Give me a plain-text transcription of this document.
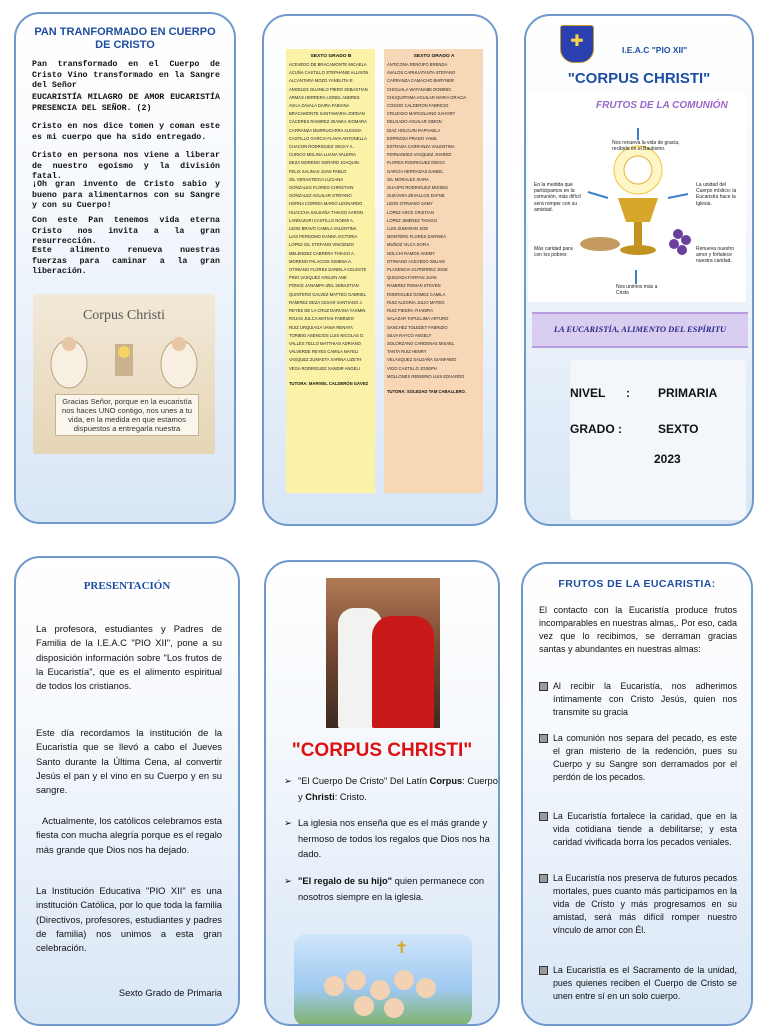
PAN TRANFORMADO EN CUERPO DE CRISTO
Pan transformado en el Cuerpo de Cristo Vino transformado en la Sangre del Señor
EUCARISTÍA MILAGRO DE AMOR EUCARISTÍA PRESENCIA DEL SEÑOR. (2)
Cristo en nos dice tomen y coman este es mi cuerpo que ha sido entregado.
Cristo en persona nos viene a liberar de nuestro egoísmo y la división fatal.
¡Oh gran invento de Cristo sabio y bueno para alimentarnos con su Sangre y con su Cuerpo!
Con este Pan tenemos vida eterna Cristo nos invita a la gran resurrección.
Este alimento renueva nuestras fuerzas para caminar a la gran liberación.
Corpus Christi
Gracias Señor, porque en la eucaristía nos haces UNO contigo, nos unes a tu vida, en la medida en que estamos dispuestos a entregarla nuestra
SEXTO GRADO B
ACEVEDO DE BRACAMONTE MICAELA
ACUÑA CASTILLO STEPHANIE ALLISON
ALCANTARA MOZO YANELITH E.
ANGELES GUANILO PIERO SEBASTIAN
ARMAS HERRERA LIONEL ANDRES
AVILA ZAVALA DAIRA FABIANA
BRACAMONTE SANTAMARIA JORDAN
CÁCERES RAMIREZ JEANKA XIOMARA
CARRANZA MURRUGARRA ALESSIA
CASTILLO GARCIA FLAVIA ANTONELLA
CHACON RODRIGUEZ VECKY A.
CURICO MOLINA LUANA VALERIA
DEZA MORENO GERARD JOAQUIN
FELIX SALINAS JUAN PABLO
GIL VERASTEGUI LUCIANA
GONZALES FLORES CHRISTIAN
GONZALEZ AGUILAR STEFANO
HORNA CORREA MARIO LEONARDO
HUACCHA SALDAÑA THIAGO AARON
LANDAZURI CASTILLO NOEMI A.
LEON BRAVO CAMILA VALENTINA
LIAS PERDOMO DANNA VICTORIA
LOPEZ GIL STEFANO VINCENZO
MELENDEZ CABRERA THIAGO A.
MORENO PALACIOS GIMENA A.
OTINIANO FLORES DANIELA CELESTE
PINO VASQUEZ AYELEN ANE
PONCE JANAMPA IZEL SEBASTIAN
QUINTERO GALVEZ MATTEO GABRIEL
RAMIREZ DEZA CESAR SANTIAGO J.
REYES DE LA CRUZ DARIANA YASMIN
ROJAS JULCA MATIAS FABRIZIO
RUIZ URQUIAGA VANIA RENATA
TORIBIO ASENCIOS LUIS NICOLAS O.
VALLES TELLO MATTHIAS ADRIANO
VALVERDE REYES CAMILA NAYELI
VASQUEZ ZUMAETA XARINA LIZETH
VEGA RODRIGUEZ XANDIR ANGELI
TUTORA: MARIVEL CALDERÓN GÁVEZ
SEXTO GRADO A
ANTICONA RENGIFO BRENDA
AVALOS CARHUATANTA STEFANO
CARRANZA CAMACHO BHRYNER
CHIGUALA WATANABE DOMINIC
CHUQUIPOMA AGUILAR MARIA GRACIA
COSSIO CALDERON FABRICIO
CRUZADO MARCELIANO XAHORY
DELGADO AGUILAR SIMON
DIAZ HOLGUIN RAPHAELA
ESPINOZA PRADO YAMIL
ESTRADA CARRANZA VALENTINA
FERNANDEZ VASQUEZ JHARED
FLORES RODRIGUEZ DIEGO
GARCIA HERRADAS DANIEL
GIL MORALES XIARA
GUAJPO RODRIGUEZ MOISES
GUEVARA ZEVALLOS DAFNE
LEON OTINIANO SAMY
LOPEZ ARCE CRISTIAN
LOPEZ JIMENEZ THIAGO
LUIS ZUMARAN SOE
MONTERO FLORES DARINKA
MUÑOZ VILCA SOFIA
NOLCHI RAMOS AKEMY
OTINIANO ACEVEDO WILIAM
PLASENCIA GUTIERREZ JOSE
QUEZADA FARFAN JUAN
RAMIREZ ROMAN STEVEN
RODRIGUEZ GOMEZ CAMILA
RUIZ ALEGRIA JULIO MATEO
RUIZ PIEDRA YHADIRA
SALAZAR TAPULLIMA ARTURO
SANCHEZ TOLEDET FABRIZIO
SILVA RAYCO ANGELY
SOLORZANO CARDENAS MISAEL
TANTA RUIZ HENRY
VELASQUEZ SALDAÑA GIANFABIO
VIGO CASTILLO JOSEPH
MOLLONES REINERIO LUIS EDUARDO
TUTORA: SOLEDAD TAM CABALLERO.
✚	I.E.A.C "PIO XII"
"CORPUS CHRISTI"
FRUTOS DE LA COMUNIÓN
Nos renueva la vida de gracia, recibida en el Bautismo.
En la medida que participamos en la comunión, más difícil será romper con su amistad.
La unidad del Cuerpo místico: la Eucaristía hace la Iglesia.
Más caridad para con los pobres
Renueva nuestro amor y fortalece nuestra caridad.
Nos unimos más a Cristo
LA EUCARISTÍA, ALIMENTO DEL ESPÍRITU
NIVEL : PRIMARIA
GRADO :	SEXTO
2023
PRESENTACIÓN
La profesora, estudiantes y Padres de Familia de la I.E.A.C "PIO XII", pone a su disposición información sobre "Los frutos de la Eucaristía", que es el alimento espiritual de todos los cristianos.
Este día recordamos la institución de la Eucaristía que se llevó a cabo el Jueves Santo durante la Última Cena, al convertir Jesús el pan y el vino en su Cuerpo y en su sangre.
Actualmente, los católicos celebramos esta fiesta con mucha alegría porque es el regalo más grande que Dios nos ha dejado.
La Institución Educativa "PIO XII" es una institución Católica, por lo que toda la familia (Directivos, profesores, estudiantes y padres de familia) nos unimos a esta gran celebración.
Sexto Grado de Primaria
"CORPUS CHRISTI"
➢ "El Cuerpo De Cristo" Del Latín Corpus: Cuerpo y Christi: Cristo.
➢ La iglesia nos enseña que es el más grande y hermoso de todos los regalos que Dios nos ha dado.
➢ "El regalo de su hijo" quien permanece con nosotros siempre en la iglesia.
✝
FRUTOS DE LA EUCARISTIA:
El contacto con la Eucaristía produce frutos incomparables en nuestras almas,. Por eso, cada vez que lo recibimos, se derraman gracias santas y abundantes en nuestras almas:
Al recibir la Eucaristía, nos adherimos íntimamente con Cristo Jesús, quien nos transmite su gracia
La comunión nos separa del pecado, es este el gran misterio de la redención, pues su Cuerpo y su Sangre son derramados por el perdón de los pecados.
La Eucaristía fortalece la caridad, que en la vida cotidiana tiende a debilitarse; y esta caridad vivificada borra los pecados veniales.
La Eucaristía nos preserva de futuros pecados mortales, pues cuanto más participamos en la vida de Cristo y más progresamos en su amistad, será más difícil romper nuestro vínculo de amor con Él.
La Eucaristía es el Sacramento de la unidad, pues quienes reciben el Cuerpo de Cristo se unen entre sí en un solo cuerpo.
